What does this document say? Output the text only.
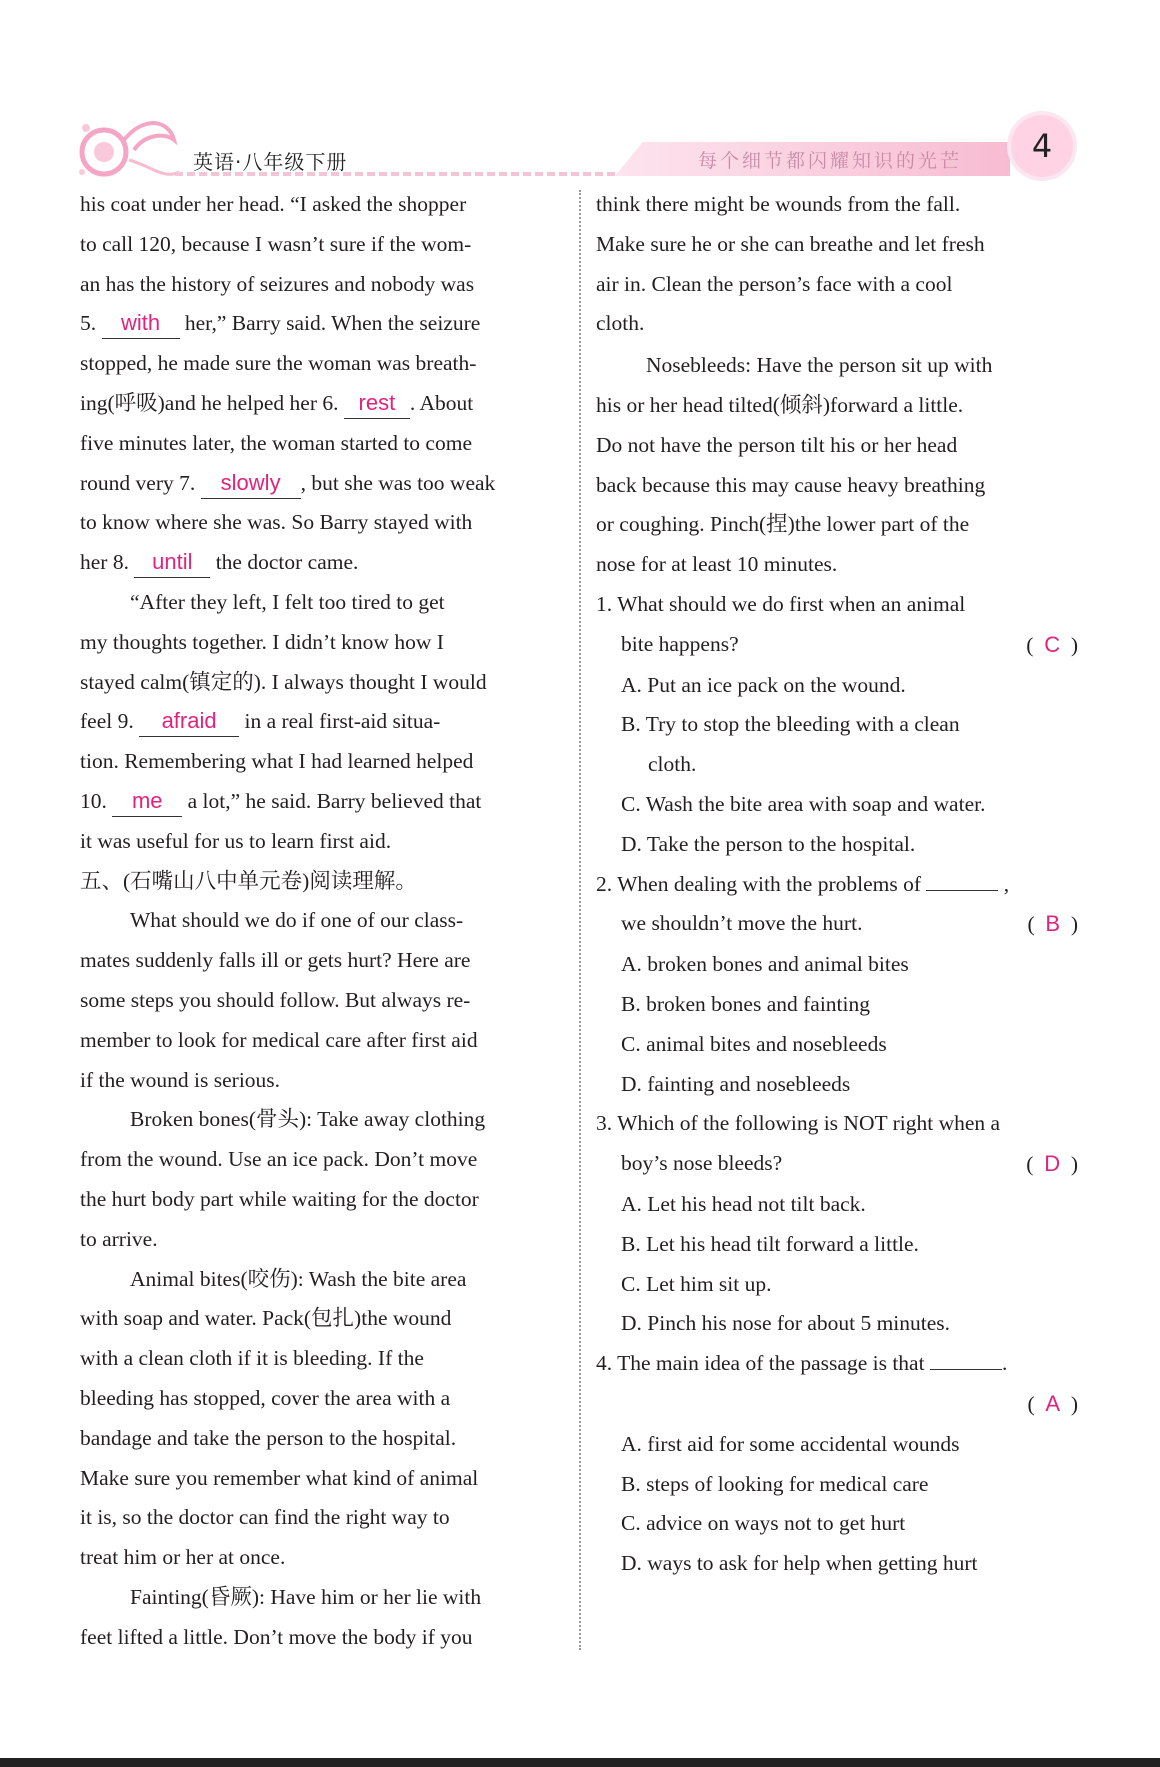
英语·八年级下册	每个细节都闪耀知识的光芒	4

his coat under her head. “I asked the shopper
to call 120, because I wasn’t sure if the wom-
an has the history of seizures and nobody was
5. with her,” Barry said. When the seizure
stopped, he made sure the woman was breath-
ing(呼吸)and he helped her 6. rest . About
five minutes later, the woman started to come
round very 7. slowly , but she was too weak
to know where she was. So Barry stayed with
her 8. until the doctor came.

“After they left, I felt too tired to get
my thoughts together. I didn’t know how I
stayed calm(镇定的). I always thought I would
feel 9. afraid in a real first-aid situa-
tion. Remembering what I had learned helped
10. me a lot,” he said. Barry believed that
it was useful for us to learn first aid.

五、(石嘴山八中单元卷)阅读理解。

What should we do if one of our class-
mates suddenly falls ill or gets hurt? Here are
some steps you should follow. But always re-
member to look for medical care after first aid
if the wound is serious.

Broken bones(骨头): Take away clothing
from the wound. Use an ice pack. Don’t move
the hurt body part while waiting for the doctor
to arrive.

Animal bites(咬伤): Wash the bite area
with soap and water. Pack(包扎)the wound
with a clean cloth if it is bleeding. If the
bleeding has stopped, cover the area with a
bandage and take the person to the hospital.
Make sure you remember what kind of animal
it is, so the doctor can find the right way to
treat him or her at once.

Fainting(昏厥): Have him or her lie with
feet lifted a little. Don’t move the body if you

think there might be wounds from the fall.
Make sure he or she can breathe and let fresh
air in. Clean the person’s face with a cool
cloth.

Nosebleeds: Have the person sit up with
his or her head tilted(倾斜)forward a little.
Do not have the person tilt his or her head
back because this may cause heavy breathing
or coughing. Pinch(捏)the lower part of the
nose for at least 10 minutes.

1. What should we do first when an animal

bite happens?	(  C  )

A. Put an ice pack on the wound.

B. Try to stop the bleeding with a clean

cloth.

C. Wash the bite area with soap and water.

D. Take the person to the hospital.

2. When dealing with the problems of	,

we shouldn’t move the hurt.	(  B  )

A. broken bones and animal bites

B. broken bones and fainting

C. animal bites and nosebleeds

D. fainting and nosebleeds

3. Which of the following is NOT right when a

boy’s nose bleeds?	(  D  )

A. Let his head not tilt back.

B. Let his head tilt forward a little.

C. Let him sit up.

D. Pinch his nose for about 5 minutes.

4. The main idea of the passage is that	.

(  A  )

A. first aid for some accidental wounds

B. steps of looking for medical care

C. advice on ways not to get hurt

D. ways to ask for help when getting hurt
